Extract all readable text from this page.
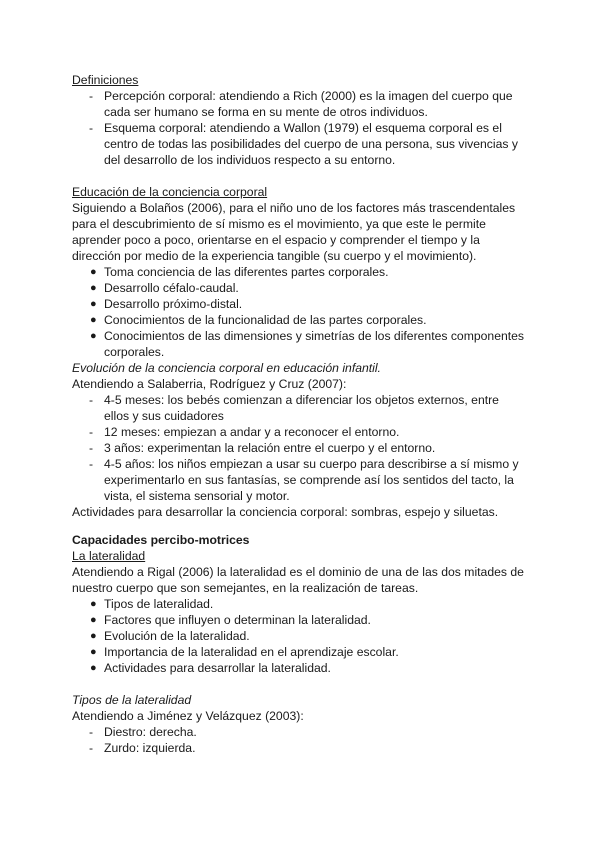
Definiciones
- Percepción corporal: atendiendo a Rich (2000) es la imagen del cuerpo que
cada ser humano se forma en su mente de otros individuos.
- Esquema corporal: atendiendo a Wallon (1979) el esquema corporal es el
centro de todas las posibilidades del cuerpo de una persona, sus vivencias y
del desarrollo de los individuos respecto a su entorno.
Educación de la conciencia corporal
Siguiendo a Bolaños (2006), para el niño uno de los factores más trascendentales
para el descubrimiento de sí mismo es el movimiento, ya que este le permite
aprender poco a poco, orientarse en el espacio y comprender el tiempo y la
dirección por medio de la experiencia tangible (su cuerpo y el movimiento).
● Toma conciencia de las diferentes partes corporales.
● Desarrollo céfalo-caudal.
● Desarrollo próximo-distal.
● Conocimientos de la funcionalidad de las partes corporales.
● Conocimientos de las dimensiones y simetrías de los diferentes componentes
corporales.
Evolución de la conciencia corporal en educación infantil.
Atendiendo a Salaberria, Rodríguez y Cruz (2007):
- 4-5 meses: los bebés comienzan a diferenciar los objetos externos, entre
ellos y sus cuidadores
- 12 meses: empiezan a andar y a reconocer el entorno.
- 3 años: experimentan la relación entre el cuerpo y el entorno.
- 4-5 años: los niños empiezan a usar su cuerpo para describirse a sí mismo y
experimentarlo en sus fantasías, se comprende así los sentidos del tacto, la
vista, el sistema sensorial y motor.
Actividades para desarrollar la conciencia corporal: sombras, espejo y siluetas.
Capacidades percibo-motrices
La lateralidad
Atendiendo a Rigal (2006) la lateralidad es el dominio de una de las dos mitades de
nuestro cuerpo que son semejantes, en la realización de tareas.
● Tipos de lateralidad.
● Factores que influyen o determinan la lateralidad.
● Evolución de la lateralidad.
● Importancia de la lateralidad en el aprendizaje escolar.
● Actividades para desarrollar la lateralidad.
Tipos de la lateralidad
Atendiendo a Jiménez y Velázquez (2003):
- Diestro: derecha.
- Zurdo: izquierda.
